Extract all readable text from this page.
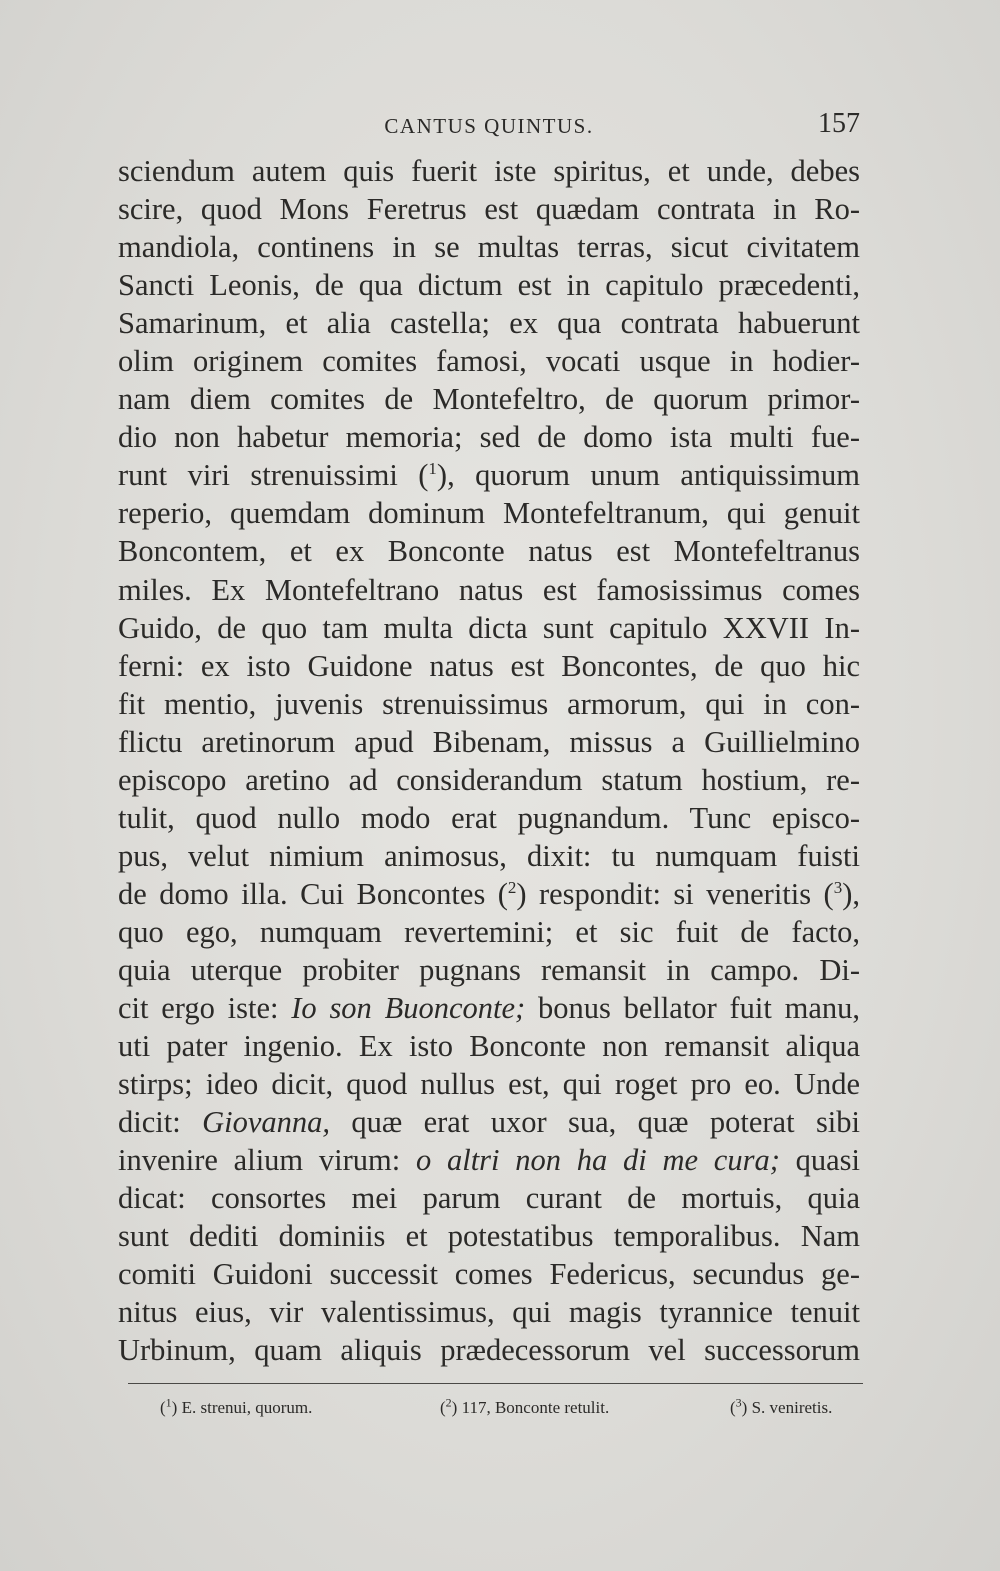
CANTUS QUINTUS.	157
sciendum autem quis fuerit iste spiritus, et unde, debes
scire, quod Mons Feretrus est quædam contrata in Ro-
mandiola, continens in se multas terras, sicut civitatem
Sancti Leonis, de qua dictum est in capitulo præcedenti,
Samarinum, et alia castella; ex qua contrata habuerunt
olim originem comites famosi, vocati usque in hodier-
nam diem comites de Montefeltro, de quorum primor-
dio non habetur memoria; sed de domo ista multi fue-
runt viri strenuissimi ($^1$), quorum unum antiquissimum
reperio, quemdam dominum Montefeltranum, qui genuit
Boncontem, et ex Bonconte natus est Montefeltranus
miles. Ex Montefeltrano natus est famosissimus comes
Guido, de quo tam multa dicta sunt capitulo XXVII In-
ferni: ex isto Guidone natus est Boncontes, de quo hic
fit mentio, juvenis strenuissimus armorum, qui in con-
flictu aretinorum apud Bibenam, missus a Guillielmino
episcopo aretino ad considerandum statum hostium, re-
tulit, quod nullo modo erat pugnandum. Tunc episco-
pus, velut nimium animosus, dixit: tu numquam fuisti
de domo illa. Cui Boncontes ($^2$) respondit: si veneritis ($^3$),
quo ego, numquam revertemini; et sic fuit de facto,
quia uterque probiter pugnans remansit in campo. Di-
cit ergo iste: Io son Buonconte; bonus bellator fuit manu,
uti pater ingenio. Ex isto Bonconte non remansit aliqua
stirps; ideo dicit, quod nullus est, qui roget pro eo. Unde
dicit: Giovanna, quæ erat uxor sua, quæ poterat sibi
invenire alium virum: o altri non ha di me cura; quasi
dicat: consortes mei parum curant de mortuis, quia
sunt dediti dominiis et potestatibus temporalibus. Nam
comiti Guidoni successit comes Federicus, secundus ge-
nitus eius, vir valentissimus, qui magis tyrannice tenuit
Urbinum, quam aliquis prædecessorum vel successorum
($^1$) E. strenui, quorum.	($^2$) 117, Bonconte retulit.	($^3$) S. veniretis.
